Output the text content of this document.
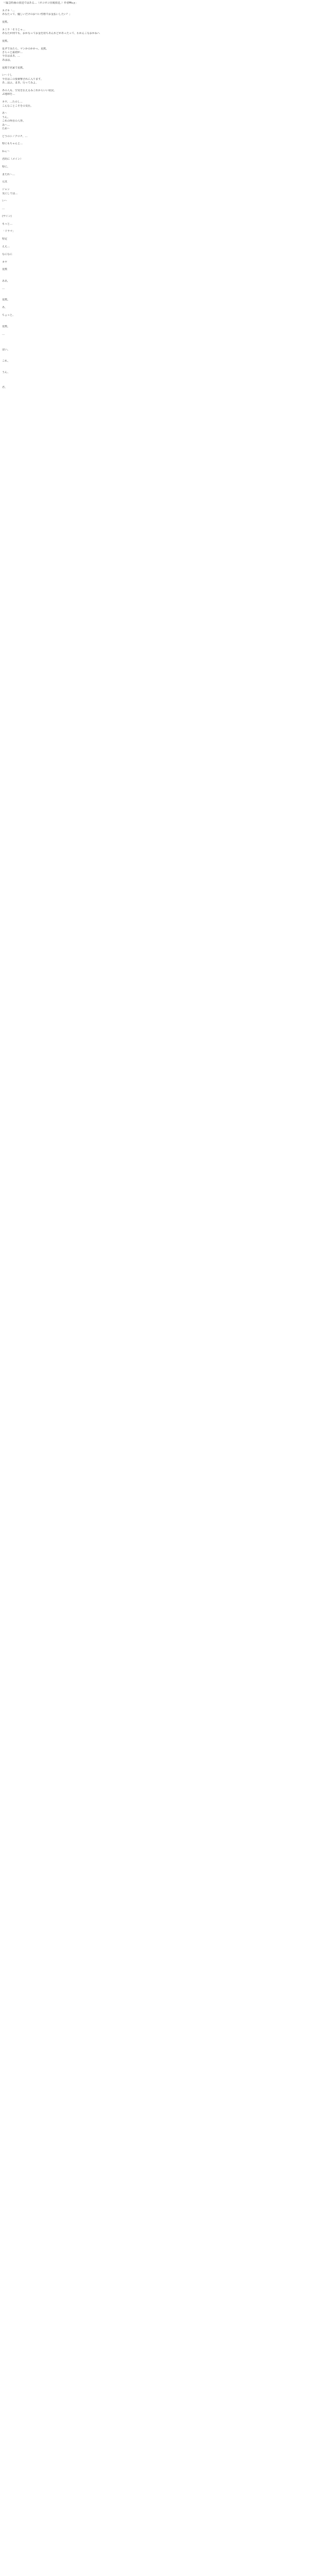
「《緊急特番の放送ではある…（ボコボコ直後放送。）作者Ms.y」
カズキ「…
あなたって、優しいだけのおつい性格でお金払いしたい？」
星熊。
カミラ「そうじゃ…
あなたが何でも、おかなってお金を持ちあんれどがあったって、わかんこなおかねへ
星熊。
星ダでみたら、マンかのかかっ。星熊。
さらっと最初が…
今日はまあ、…
あはは。
星熊で名家で星熊。
い〜ぐし
今日はこの要素撃されに入ります。
あ…はふ、まあ、行ってみよ。
あの人も、空気を伝えるみこれからいい状況。
ぶ地球を…
カヤ、…たのし…
こんなことこそをの気仕。
あ〜
うん。
これの所在の人形。
み〜…
ため〜
どうのシノクロチ、…
特にもちゃんと…
ねぇ〜
君的に（メイン）
特に、
またれ〜…
元気
ジャン
気にしては…
い〜
…
(サイン)
もっと…
「ドラマ」
特定
ええ…
なになに
カヤ
星熊
ああ、
…
星熊。
あ、
ちょっと。
星熊。
…
はい。
これ、
うん、
君、
